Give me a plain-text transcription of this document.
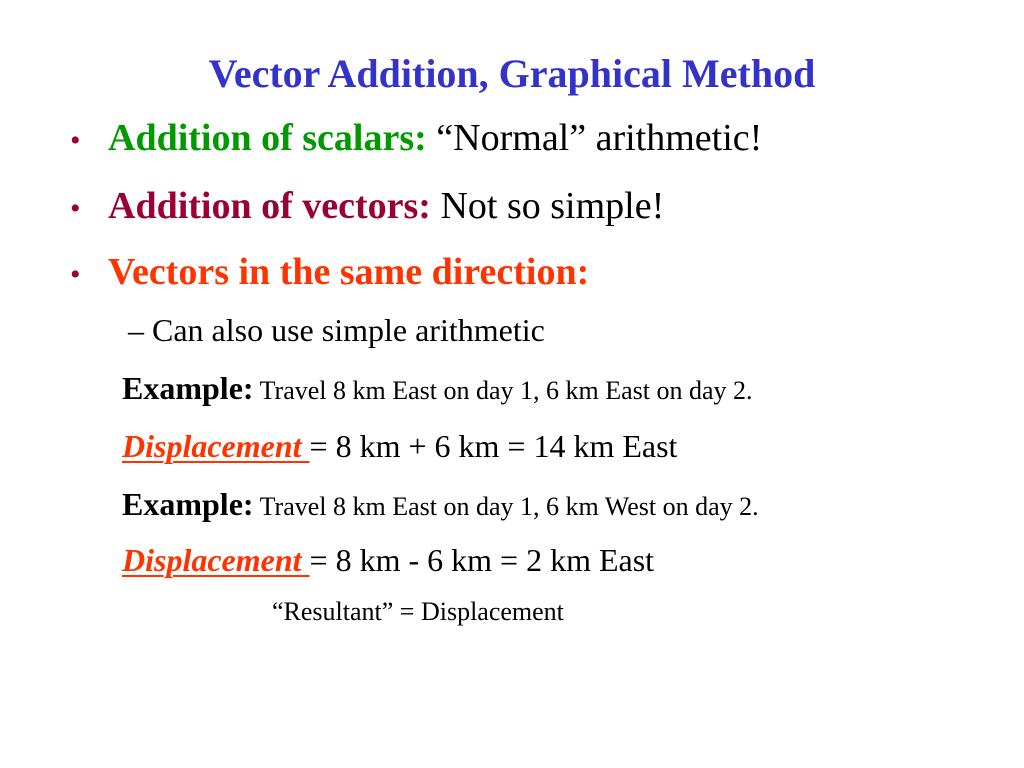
Vector Addition, Graphical Method
• Addition of scalars: “Normal” arithmetic!
• Addition of vectors: Not so simple!
• Vectors in the same direction:
– Can also use simple arithmetic
Example: Travel 8 km East on day 1, 6 km East on day 2.
Displacement = 8 km + 6 km = 14 km East
Example: Travel 8 km East on day 1, 6 km West on day 2.
Displacement = 8 km - 6 km = 2 km East
“Resultant” = Displacement
